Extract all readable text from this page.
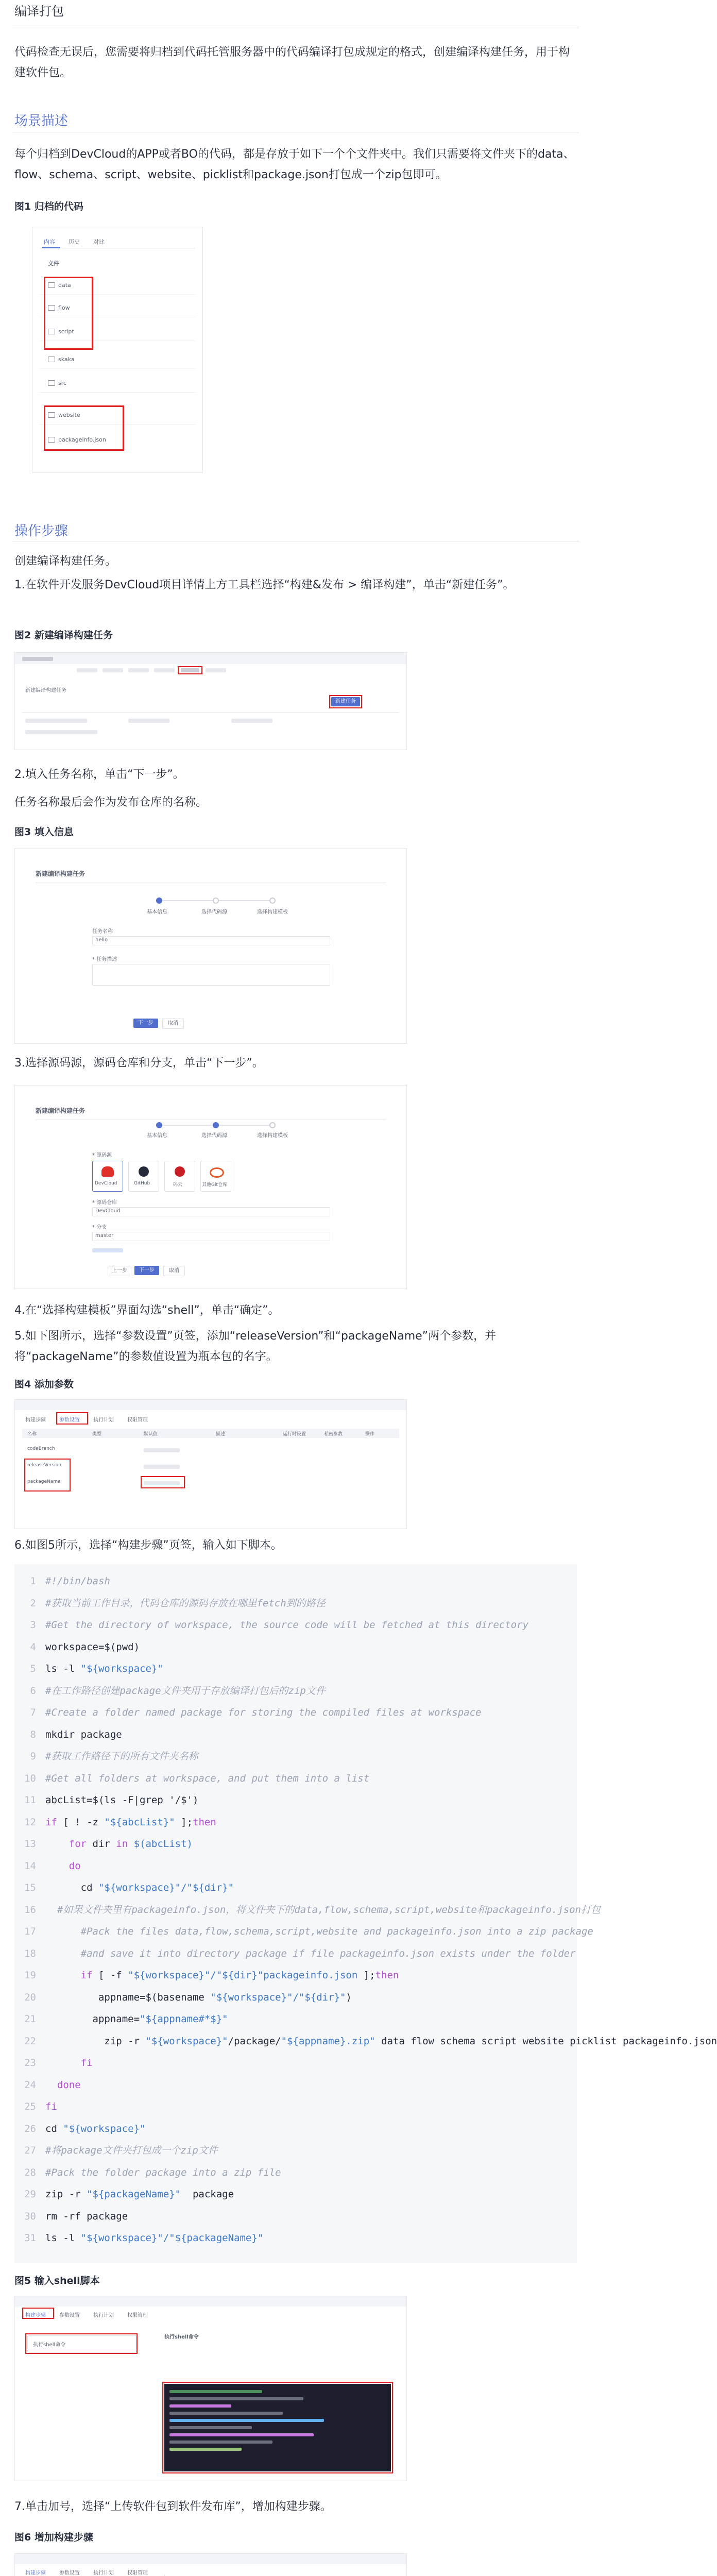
编译打包
代码检查无误后，您需要将归档到代码托管服务器中的代码编译打包成规定的格式，创建编译构建任务，用于构建软件包。
场景描述
每个归档到DevCloud的APP或者BO的代码，都是存放于如下一个个文件夹中。我们只需要将文件夹下的data、flow、schema、script、website、picklist和package.json打包成一个zip包即可。
图1 归档的代码
内容 历史 对比
文件
data
flow
script
skaka
src
website
packageinfo.json
操作步骤
创建编译构建任务。
1.在软件开发服务DevCloud项目详情上方工具栏选择“构建&发布 > 编译构建”，单击“新建任务”。
图2 新建编译构建任务
新建编译构建任务
新建任务
2.填入任务名称，单击“下一步”。
任务名称最后会作为发布仓库的名称。
图3 填入信息
新建编译构建任务
基本信息	选择代码源	选择构建模板
任务名称
hello
* 任务描述
下一步	取消
3.选择源码源，源码仓库和分支，单击“下一步”。
新建编译构建任务
基本信息	选择代码源	选择构建模板
* 源码源
DevCloud	GitHub	码云	其他Git仓库
* 源码仓库
DevCloud
* 分支
master
上一步	下一步	取消
4.在“选择构建模板”界面勾选“shell”，单击“确定”。
5.如下图所示，选择“参数设置”页签，添加“releaseVersion”和“packageName”两个参数，并将“packageName”的参数值设置为瓶本包的名字。
图4 添加参数
构建步骤	参数设置	执行计划	权限管理
名称	类型	默认值	描述	运行时设置	私密参数	操作
codeBranch
releaseVersion
packageName
6.如图5所示，选择“构建步骤”页签，输入如下脚本。
1 #!/bin/bash
2 #获取当前工作目录，代码仓库的源码存放在哪里fetch到的路径
3 #Get the directory of workspace, the source code will be fetched at this directory
4 workspace=$(pwd)
5 ls -l "${workspace}"
6 #在工作路径创建package文件夹用于存放编译打包后的zip文件
7 #Create a folder named package for storing the compiled files at workspace
8 mkdir package
9 #获取工作路径下的所有文件夹名称
10 #Get all folders at workspace, and put them into a list
11 abcList=$(ls -F|grep '/$')
12 if [ ! -z "${abcList}" ];then
13 for dir in $(abcList)
14 do
15 cd "${workspace}"/"${dir}"
16 #如果文件夹里有packageinfo.json，将文件夹下的data,flow,schema,script,website和packageinfo.json打包
17 #Pack the files data,flow,schema,script,website and packageinfo.json into a zip package
18 #and save it into directory package if file packageinfo.json exists under the folder
19 if [ -f "${workspace}"/"${dir}"packageinfo.json ];then
20 appname=$(basename "${workspace}"/"${dir}")
21 appname="${appname#*$}"
22 zip -r "${workspace}"/package/"${appname}.zip" data flow schema script website picklist packageinfo.json
23 fi
24 done
25 fi
26 cd "${workspace}"
27 #将package文件夹打包成一个zip文件
28 #Pack the folder package into a zip file
29 zip -r "${packageName}"  package
30 rm -rf package
31 ls -l "${workspace}"/"${packageName}"
图5 输入shell脚本
构建步骤	参数设置	执行计划	权限管理
执行shell命令
执行shell命令
7.单击加号，选择“上传软件包到软件发布库”，增加构建步骤。
图6 增加构建步骤
构建步骤	参数设置	执行计划	权限管理
